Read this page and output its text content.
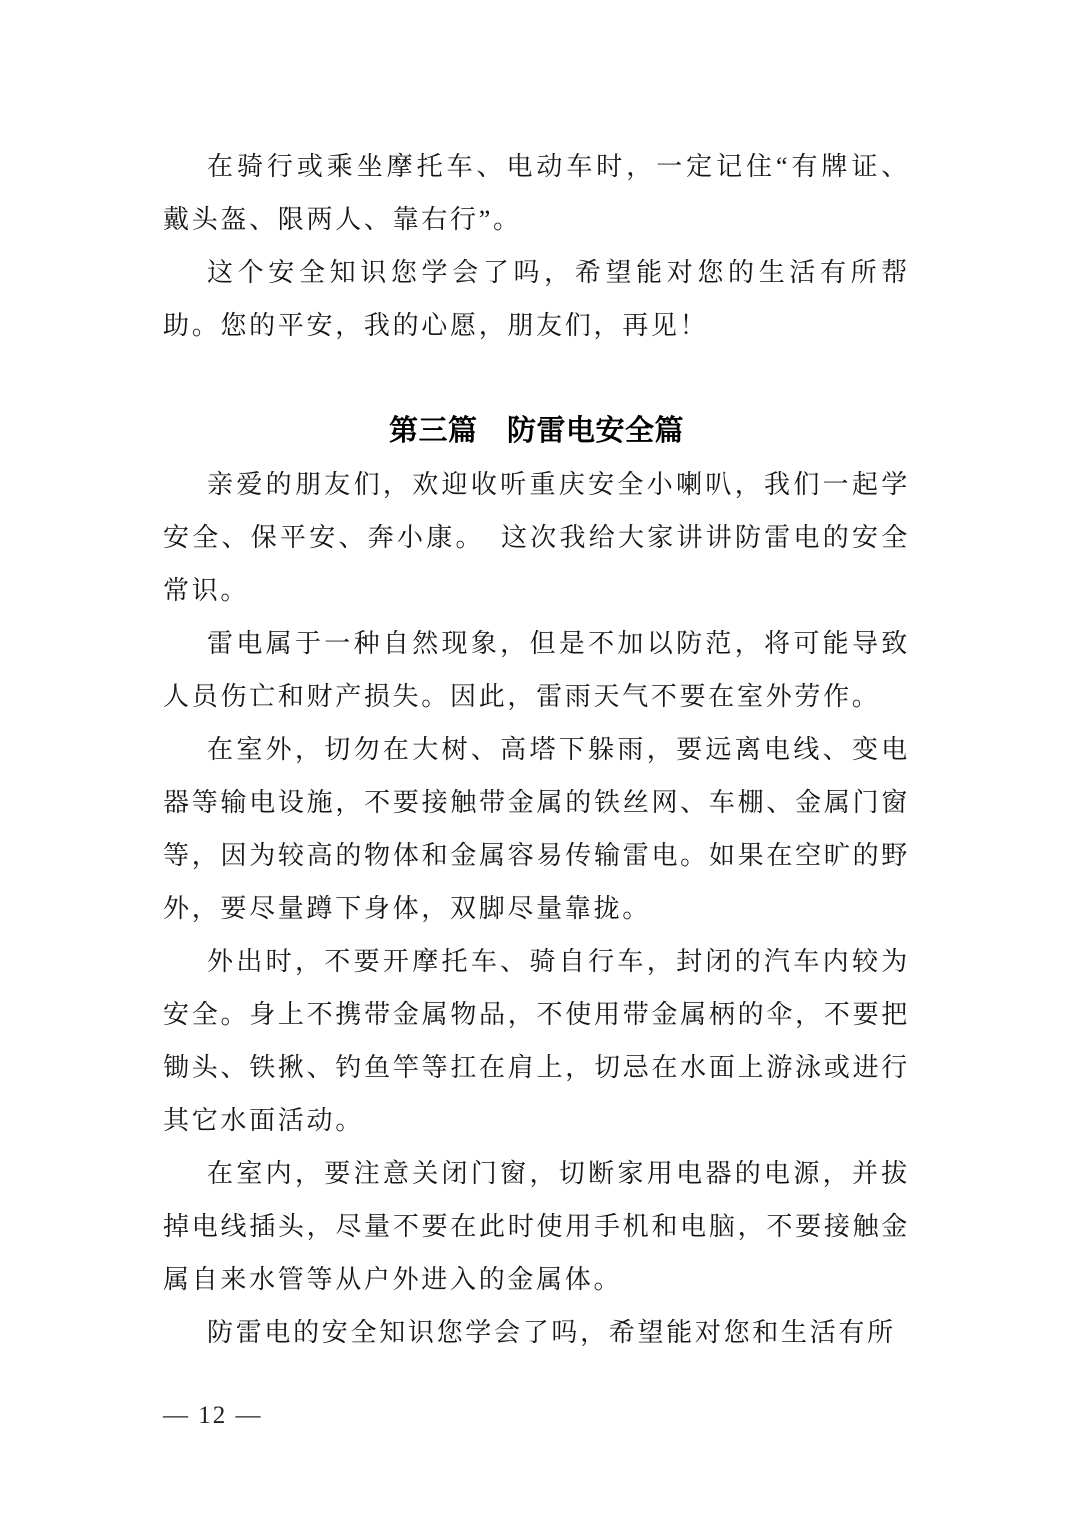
在骑行或乘坐摩托车、电动车时，一定记住“有牌证、戴头盔、限两人、靠右行”。

这个安全知识您学会了吗，希望能对您的生活有所帮助。您的平安，我的心愿，朋友们，再见！

第三篇　防雷电安全篇

亲爱的朋友们，欢迎收听重庆安全小喇叭，我们一起学安全、保平安、奔小康。　这次我给大家讲讲防雷电的安全常识。

雷电属于一种自然现象，但是不加以防范，将可能导致人员伤亡和财产损失。因此，雷雨天气不要在室外劳作。

在室外，切勿在大树、高塔下躲雨，要远离电线、变电器等输电设施，不要接触带金属的铁丝网、车棚、金属门窗等，因为较高的物体和金属容易传输雷电。如果在空旷的野外，要尽量蹲下身体，双脚尽量靠拢。

外出时，不要开摩托车、骑自行车，封闭的汽车内较为安全。身上不携带金属物品，不使用带金属柄的伞，不要把锄头、铁揪、钓鱼竿等扛在肩上，切忌在水面上游泳或进行其它水面活动。

在室内，要注意关闭门窗，切断家用电器的电源，并拔掉电线插头，尽量不要在此时使用手机和电脑，不要接触金属自来水管等从户外进入的金属体。

防雷电的安全知识您学会了吗，希望能对您和生活有所

— 12 —
